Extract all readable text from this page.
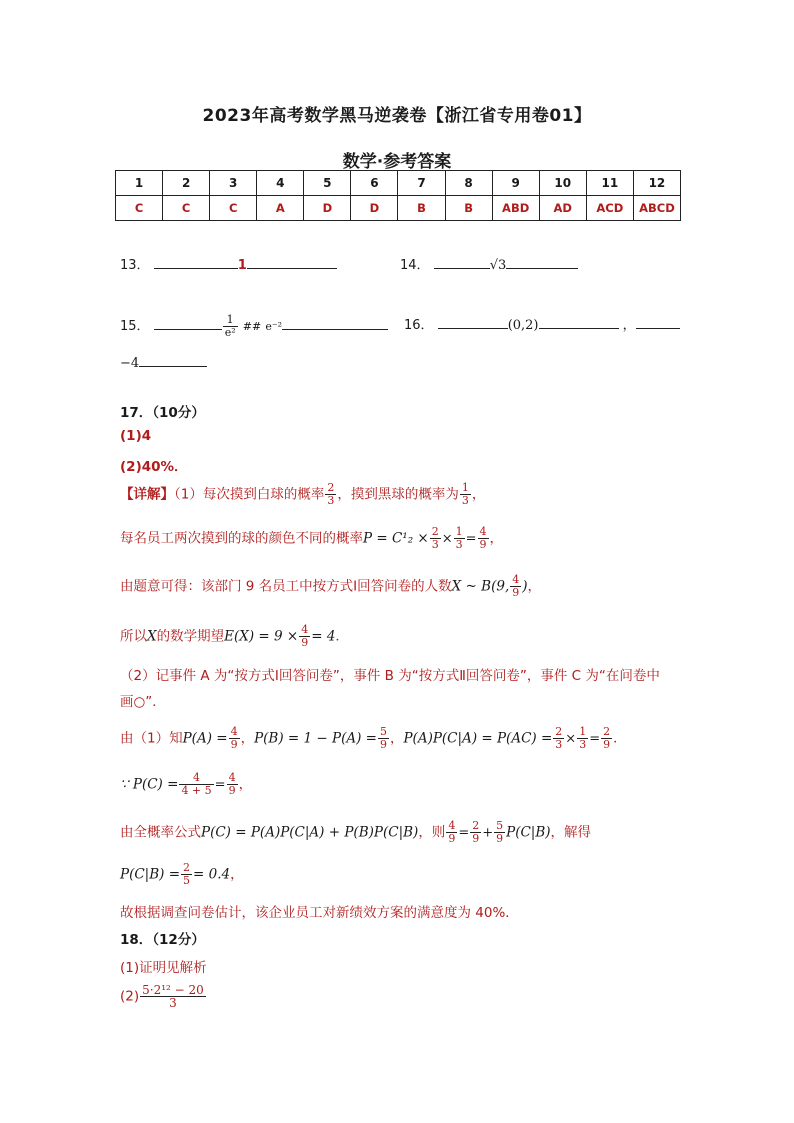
2023年高考数学黑马逆袭卷【浙江省专用卷01】
数学·参考答案
1	2	3	4	5	6	7	8	9	10	11	12
C	C	C	A	D	D	B	B	ABD	AD	ACD	ABCD
13．	1	14．	√3
15．	$\frac{1}{\text{e²}}$ ## e⁻²	16．	(0,2)	，
−4
17．（10分）
(1)4
(2)40%．
【详解】（1）每次摸到白球的概率 $\frac{2}{3}$ ，摸到黑球的概率为 $\frac{1}{3}$ ，
每名员工两次摸到的球的颜色不同的概率$P = C^1_2 \times \frac{2}{3} \times \frac{1}{3} = \frac{4}{9}$ ，
由题意可得：该部门 9 名员工中按方式Ⅰ回答问卷的人数X ~ B(9, $\frac{4}{9}$ )，
所以X的数学期望$E(X) = 9 \times \frac{4}{9} = 4$．
（2）记事件 A 为“按方式Ⅰ回答问卷”，事件 B 为“按方式Ⅱ回答问卷”，事件 C 为“在问卷中
画○”．
由（1）知$P(A) = \frac{4}{9}$ ，$P(B) = 1 - P(A) = \frac{5}{9}$ ，$P(A)P(C|A) = P(AC) = \frac{2}{3} \times \frac{1}{3} = \frac{2}{9}$ ．
∵ $P(C) = \frac{4}{4 + 5} = \frac{4}{9}$ ，
由全概率公式P(C) = P(A)P(C|A) + P(B)P(C|B)，则 $\frac{4}{9} = \frac{2}{9} + \frac{5}{9} P(C|B)$，解得
$P(C|B) = \frac{2}{5} = 0.4$，
故根据调查问卷估计，该企业员工对新绩效方案的满意度为 40%．
18．（12分）
(1)证明见解析
$(2) \frac{\text{5·2¹² − 20}}{3}$
